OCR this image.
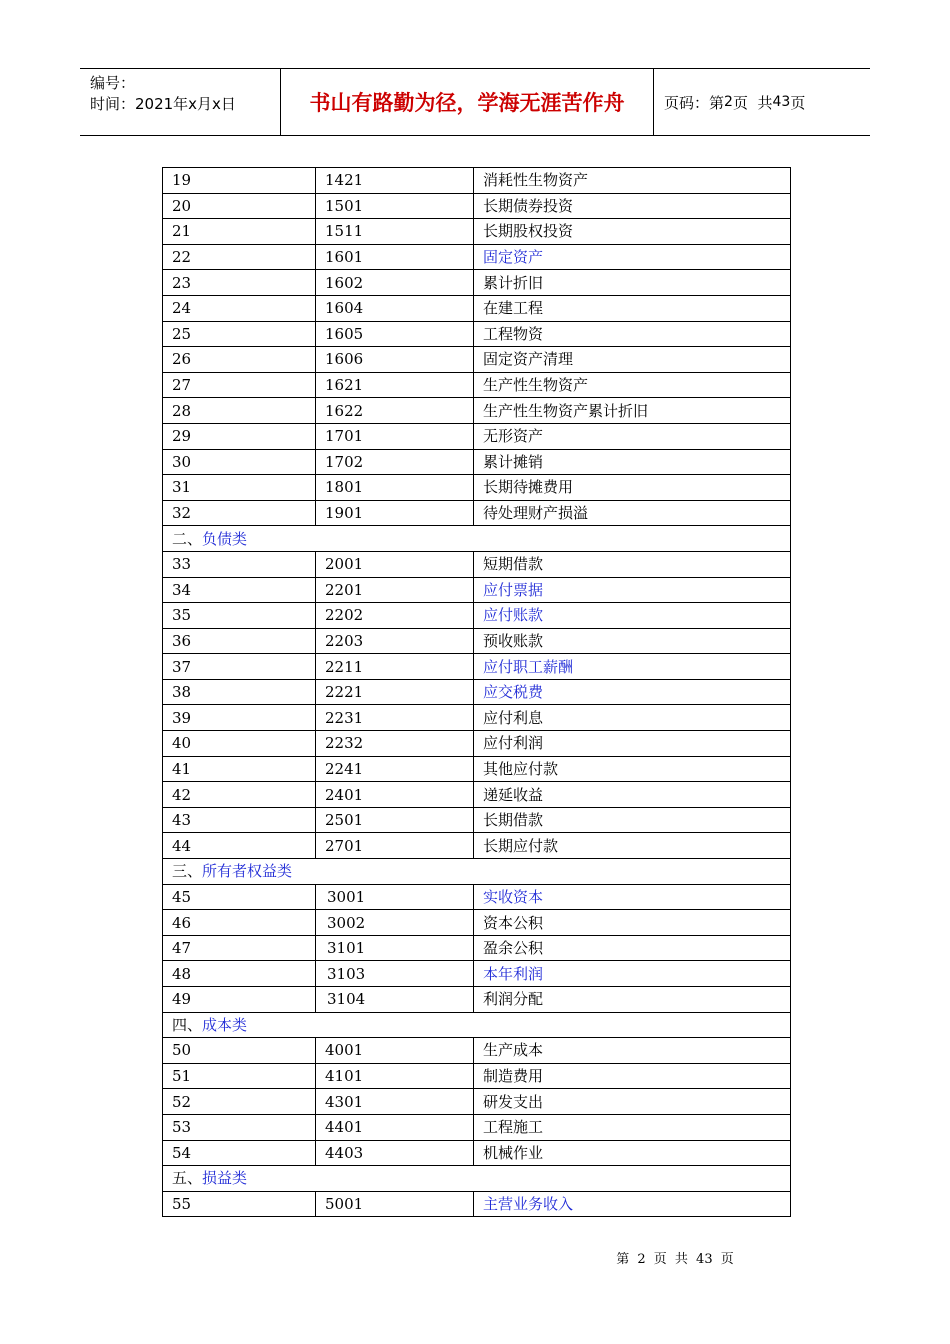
编号：
时间：2021年x月x日	书山有路勤为径，学海无涯苦作舟	页码：第 2 页  共 43 页
19	1421	消耗性生物资产
20	1501	长期债券投资
21	1511	长期股权投资
22	1601	固定资产
23	1602	累计折旧
24	1604	在建工程
25	1605	工程物资
26	1606	固定资产清理
27	1621	生产性生物资产
28	1622	生产性生物资产累计折旧
29	1701	无形资产
30	1702	累计摊销
31	1801	长期待摊费用
32	1901	待处理财产损溢
二、负债类		
33	2001	短期借款
34	2201	应付票据
35	2202	应付账款
36	2203	预收账款
37	2211	应付职工薪酬
38	2221	应交税费
39	2231	应付利息
40	2232	应付利润
41	2241	其他应付款
42	2401	递延收益
43	2501	长期借款
44	2701	长期应付款
三、所有者权益类		
45	3001	实收资本
46	3002	资本公积
47	3101	盈余公积
48	3103	本年利润
49	3104	利润分配
四、成本类		
50	4001	生产成本
51	4101	制造费用
52	4301	研发支出
53	4401	工程施工
54	4403	机械作业
五、损益类		
55	5001	主营业务收入
第 2 页 共 43 页
